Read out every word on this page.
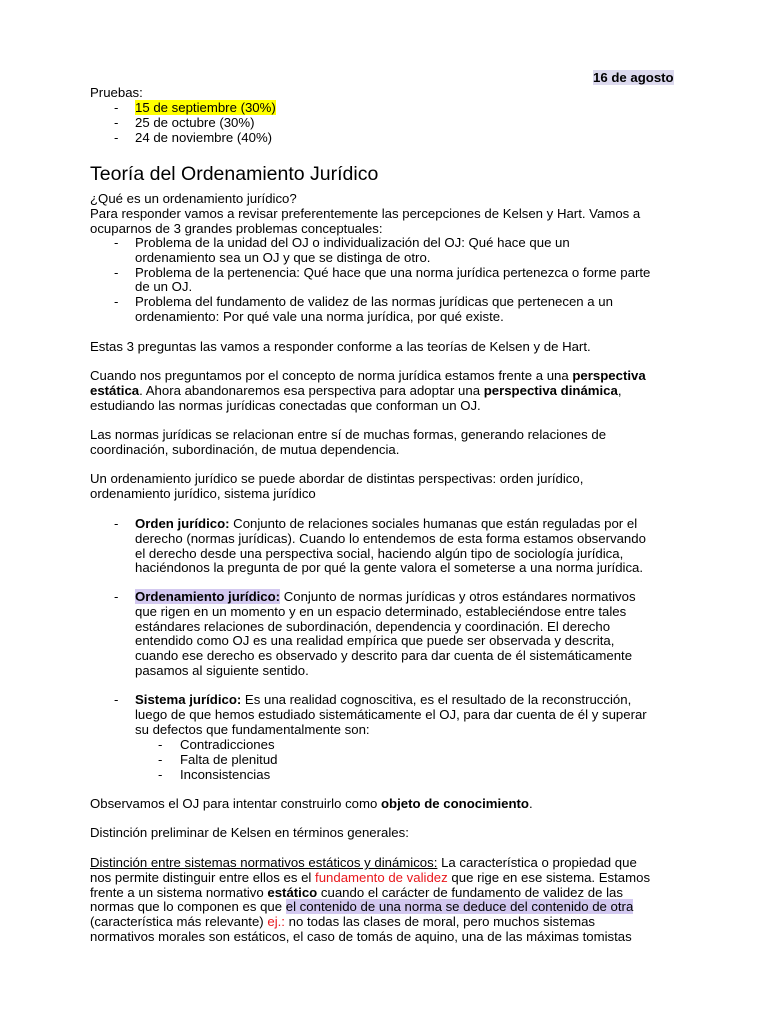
16 de agosto
Pruebas:
- 15 de septiembre (30%)
- 25 de octubre (30%)
- 24 de noviembre (40%)
Teoría del Ordenamiento Jurídico
¿Qué es un ordenamiento jurídico?
Para responder vamos a revisar preferentemente las percepciones de Kelsen y Hart. Vamos a
ocuparnos de 3 grandes problemas conceptuales:
- Problema de la unidad del OJ o individualización del OJ: Qué hace que un
ordenamiento sea un OJ y que se distinga de otro.
- Problema de la pertenencia: Qué hace que una norma jurídica pertenezca o forme parte
de un OJ.
- Problema del fundamento de validez de las normas jurídicas que pertenecen a un
ordenamiento: Por qué vale una norma jurídica, por qué existe.
Estas 3 preguntas las vamos a responder conforme a las teorías de Kelsen y de Hart.
Cuando nos preguntamos por el concepto de norma jurídica estamos frente a una perspectiva
estática. Ahora abandonaremos esa perspectiva para adoptar una perspectiva dinámica,
estudiando las normas jurídicas conectadas que conforman un OJ.
Las normas jurídicas se relacionan entre sí de muchas formas, generando relaciones de
coordinación, subordinación, de mutua dependencia.
Un ordenamiento jurídico se puede abordar de distintas perspectivas: orden jurídico,
ordenamiento jurídico, sistema jurídico
- Orden jurídico: Conjunto de relaciones sociales humanas que están reguladas por el
derecho (normas jurídicas). Cuando lo entendemos de esta forma estamos observando
el derecho desde una perspectiva social, haciendo algún tipo de sociología jurídica,
haciéndonos la pregunta de por qué la gente valora el someterse a una norma jurídica.
- Ordenamiento jurídico: Conjunto de normas jurídicas y otros estándares normativos
que rigen en un momento y en un espacio determinado, estableciéndose entre tales
estándares relaciones de subordinación, dependencia y coordinación. El derecho
entendido como OJ es una realidad empírica que puede ser observada y descrita,
cuando ese derecho es observado y descrito para dar cuenta de él sistemáticamente
pasamos al siguiente sentido.
- Sistema jurídico: Es una realidad cognoscitiva, es el resultado de la reconstrucción,
luego de que hemos estudiado sistemáticamente el OJ, para dar cuenta de él y superar
su defectos que fundamentalmente son:
- Contradicciones
- Falta de plenitud
- Inconsistencias
Observamos el OJ para intentar construirlo como objeto de conocimiento.
Distinción preliminar de Kelsen en términos generales:
Distinción entre sistemas normativos estáticos y dinámicos: La característica o propiedad que
nos permite distinguir entre ellos es el fundamento de validez que rige en ese sistema. Estamos
frente a un sistema normativo estático cuando el carácter de fundamento de validez de las
normas que lo componen es que el contenido de una norma se deduce del contenido de otra
(característica más relevante) ej.: no todas las clases de moral, pero muchos sistemas
normativos morales son estáticos, el caso de tomás de aquino, una de las máximas tomistas
